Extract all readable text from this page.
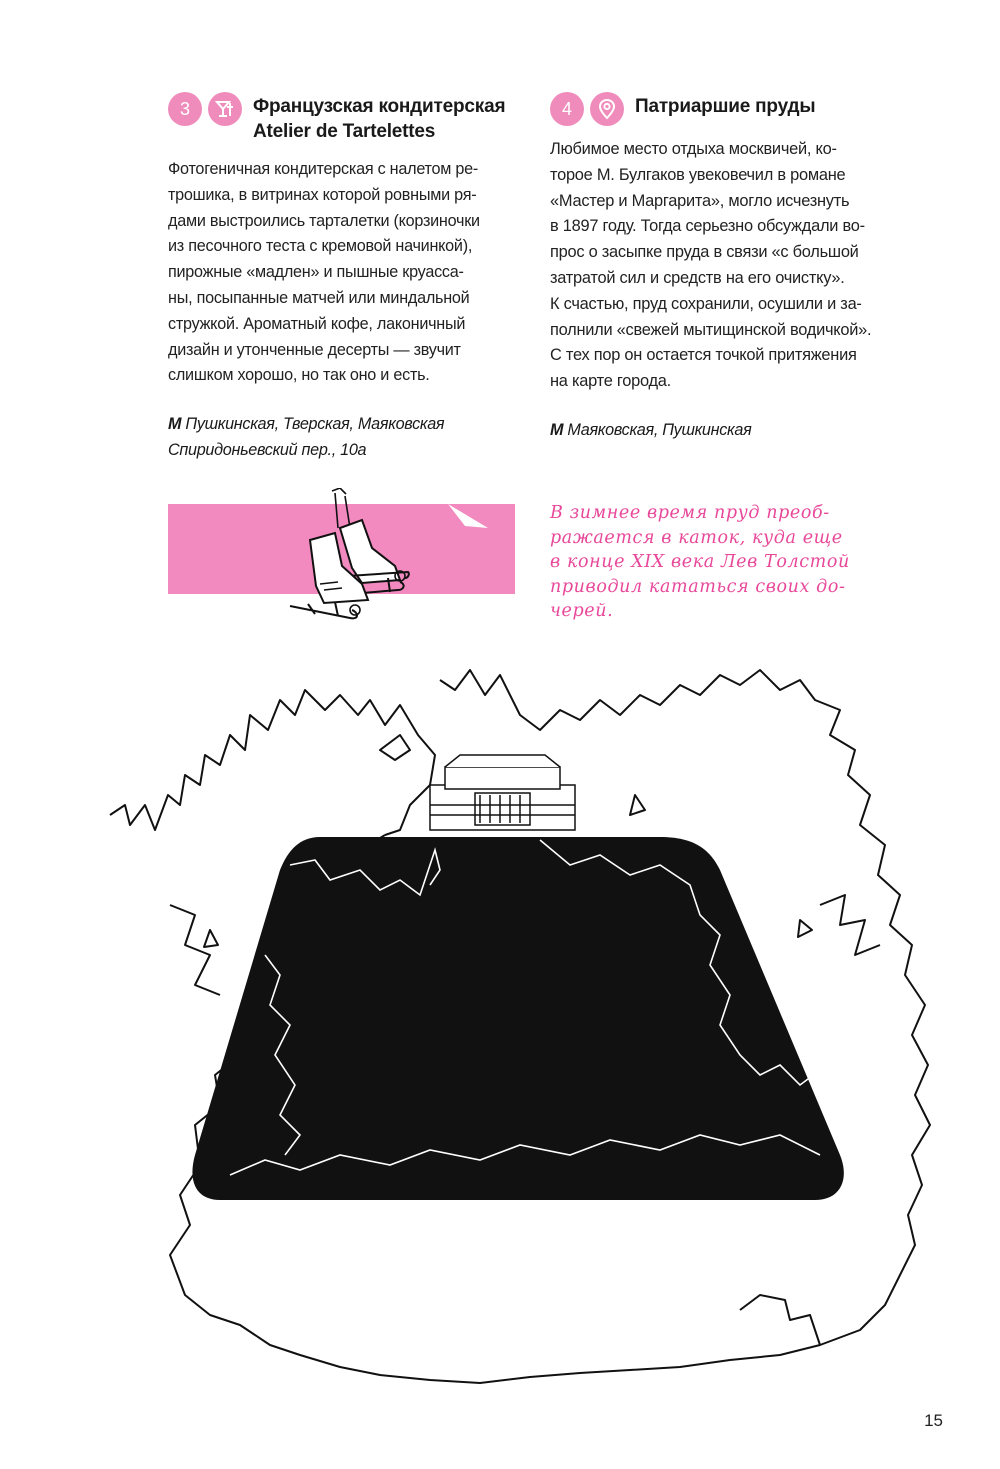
3	Французская кондитерская
Atelier de Tartelettes
Фотогеничная кондитерская с налетом ре-
трошика, в витринах которой ровными ря-
дами выстроились тарталетки (корзиночки
из песочного теста с кремовой начинкой),
пирожные «мадлен» и пышные круасса-
ны, посыпанные матчей или миндальной
стружкой. Ароматный кофе, лаконичный
дизайн и утонченные десерты — звучит
слишком хорошо, но так оно и есть.
М Пушкинская, Тверская, Маяковская
Спиридоньевский пер., 10а
4	Патриаршие пруды
Любимое место отдыха москвичей, ко-
торое М. Булгаков увековечил в романе
«Мастер и Маргарита», могло исчезнуть
в 1897 году. Тогда серьезно обсуждали во-
прос о засыпке пруда в связи «с большой
затратой сил и средств на его очистку».
К счастью, пруд сохранили, осушили и за-
полнили «свежей мытищинской водичкой».
С тех пор он остается точкой притяжения
на карте города.
М Маяковская, Пушкинская
В зимнее время пруд преоб-
ражается в каток, куда еще
в конце XIX века Лев Толстой
приводил кататься своих до-
черей.
15
